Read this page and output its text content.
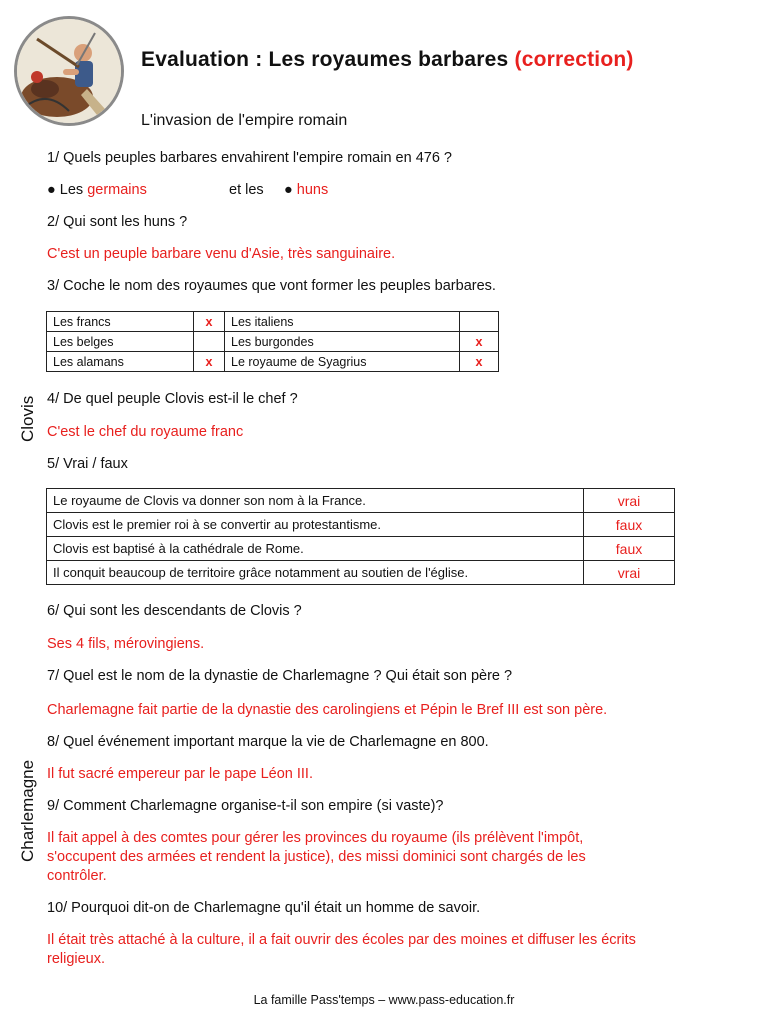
Evaluation : Les royaumes barbares (correction)
L'invasion de l'empire romain
Clovis
Charlemagne
1/ Quels peuples barbares envahirent l'empire romain en 476 ?
● Les germains	et les ● huns
2/ Qui sont les huns ?
C'est un peuple barbare venu d'Asie, très sanguinaire.
3/ Coche le nom des royaumes que vont former les peuples barbares.
Les francs	x	Les italiens	
Les belges		Les burgondes	x
Les alamans	x	Le royaume de Syagrius	x
4/ De quel peuple Clovis est-il le chef ?
C'est le chef du royaume franc
5/ Vrai / faux
Le royaume de Clovis va donner son nom à la France.	vrai
Clovis est le premier roi à se convertir au protestantisme.	faux
Clovis est baptisé à la cathédrale de Rome.	faux
Il conquit beaucoup de territoire grâce notamment au soutien de l'église.	vrai
6/ Qui sont les descendants de Clovis ?
Ses 4 fils, mérovingiens.
7/ Quel est le nom de la dynastie de Charlemagne ? Qui était son père ?
Charlemagne fait partie de la dynastie des carolingiens et Pépin le Bref III est son père.
8/ Quel événement important marque la vie de Charlemagne en 800.
Il fut sacré empereur par le pape Léon III.
9/ Comment Charlemagne organise-t-il son empire (si vaste)?
Il fait appel à des comtes pour gérer les provinces du royaume (ils prélèvent l'impôt,
s'occupent des armées et rendent la justice), des missi dominici sont chargés de les
contrôler.
10/ Pourquoi dit-on de Charlemagne qu'il était un homme de savoir.
Il était très attaché à la culture, il a fait ouvrir des écoles par des moines et diffuser les écrits
religieux.
La famille Pass'temps – www.pass-education.fr
